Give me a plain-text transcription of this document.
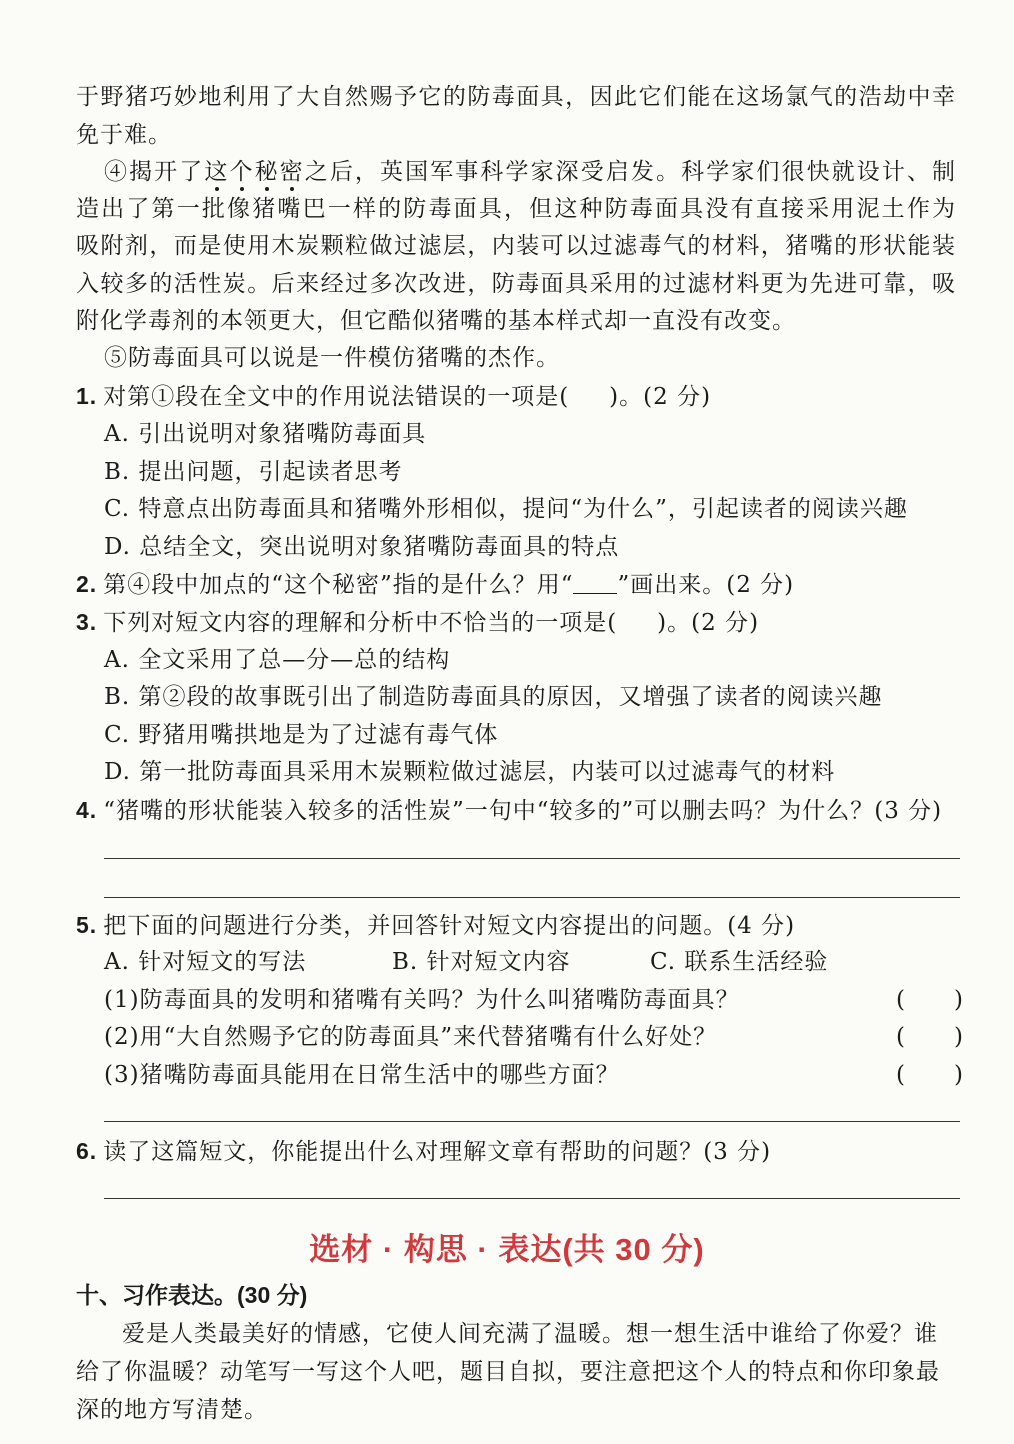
于野猪巧妙地利用了大自然赐予它的防毒面具，因此它们能在这场氯气的浩劫中幸
免于难。
④揭开了这个秘密之后，英国军事科学家深受启发。科学家们很快就设计、制
造出了第一批像猪嘴巴一样的防毒面具，但这种防毒面具没有直接采用泥土作为
吸附剂，而是使用木炭颗粒做过滤层，内装可以过滤毒气的材料，猪嘴的形状能装
入较多的活性炭。后来经过多次改进，防毒面具采用的过滤材料更为先进可靠，吸
附化学毒剂的本领更大，但它酷似猪嘴的基本样式却一直没有改变。
⑤防毒面具可以说是一件模仿猪嘴的杰作。
1. 对第①段在全文中的作用说法错误的一项是( )。(2 分)
A. 引出说明对象猪嘴防毒面具
B. 提出问题，引起读者思考
C. 特意点出防毒面具和猪嘴外形相似，提问“为什么”，引起读者的阅读兴趣
D. 总结全文，突出说明对象猪嘴防毒面具的特点
2. 第④段中加点的“这个秘密”指的是什么？用“ ”画出来。(2 分)
3. 下列对短文内容的理解和分析中不恰当的一项是( )。(2 分)
A. 全文采用了总—分—总的结构
B. 第②段的故事既引出了制造防毒面具的原因，又增强了读者的阅读兴趣
C. 野猪用嘴拱地是为了过滤有毒气体
D. 第一批防毒面具采用木炭颗粒做过滤层，内装可以过滤毒气的材料
4. “猪嘴的形状能装入较多的活性炭”一句中“较多的”可以删去吗？为什么？(3 分)
5. 把下面的问题进行分类，并回答针对短文内容提出的问题。(4 分)
A. 针对短文的写法	B. 针对短文内容	C. 联系生活经验
(1)防毒面具的发明和猪嘴有关吗？为什么叫猪嘴防毒面具？	(　　)
(2)用“大自然赐予它的防毒面具”来代替猪嘴有什么好处？	(　　)
(3)猪嘴防毒面具能用在日常生活中的哪些方面？	(　　)
6. 读了这篇短文，你能提出什么对理解文章有帮助的问题？(3 分)
选材 · 构思 · 表达(共 30 分)
十、习作表达。(30 分)

爱是人类最美好的情感，它使人间充满了温暖。想一想生活中谁给了你爱？谁给了你温暖？动笔写一写这个人吧，题目自拟，要注意把这个人的特点和你印象最深的地方写清楚。
